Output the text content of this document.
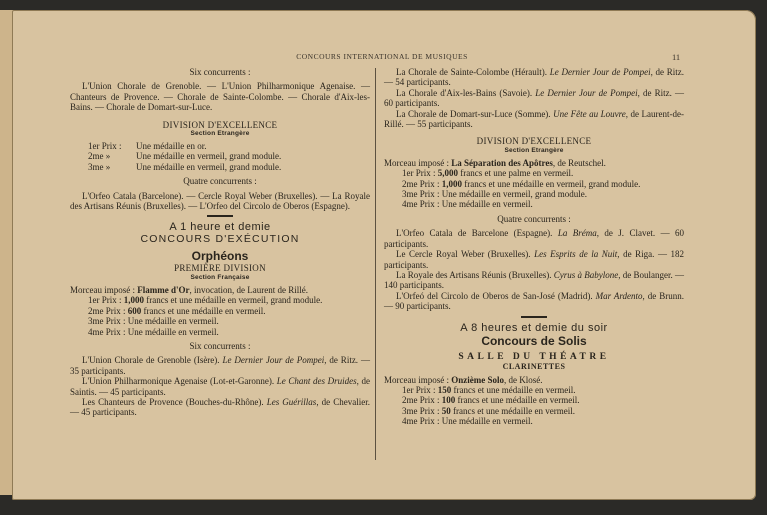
CONCOURS INTERNATIONAL DE MUSIQUES	11
Six concurrents :
L'Union Chorale de Grenoble. — L'Union Philharmonique Agenaise. — Chanteurs de Provence. — Chorale de Sainte-Colombe. — Chorale d'Aix-les-Bains. — Chorale de Domart-sur-Luce.
DIVISION D'EXCELLENCE
Section Etrangère
1er Prix : Une médaille en or.
2me »	Une médaille en vermeil, grand module.
3me »	Une médaille en vermeil, grand module.
Quatre concurrents :
L'Orfeo Catala (Barcelone). — Cercle Royal Weber (Bruxelles). — La Royale des Artisans Réunis (Bruxelles). — L'Orfeo del Circolo de Oberos (Espagne).
A 1 heure et demie
CONCOURS D'EXÉCUTION
Orphéons
PREMIÈRE DIVISION
Section Française
Morceau imposé : Flamme d'Or, invocation, de Laurent de Rillé.
1er Prix : 1,000 francs et une médaille en vermeil, grand module.
2me Prix : 600 francs et une médaille en vermeil.
3me Prix : Une médaille en vermeil.
4me Prix : Une médaille en vermeil.
Six concurrents :
L'Union Chorale de Grenoble (Isère). Le Dernier Jour de Pompei, de Ritz. — 35 participants.
L'Union Philharmonique Agenaise (Lot-et-Garonne). Le Chant des Druides, de Saintis. — 45 participants.
Les Chanteurs de Provence (Bouches-du-Rhône). Les Guérillas, de Chevalier. — 45 participants.
La Chorale de Sainte-Colombe (Hérault). Le Dernier Jour de Pompei, de Ritz. — 54 participants.
La Chorale d'Aix-les-Bains (Savoie). Le Dernier Jour de Pompei, de Ritz. — 60 participants.
La Chorale de Domart-sur-Luce (Somme). Une Fête au Louvre, de Laurent-de-Rillé. — 55 participants.
DIVISION D'EXCELLENCE
Section Etrangère
Morceau imposé : La Séparation des Apôtres, de Reutschel.
1er Prix : 5,000 francs et une palme en vermeil.
2me Prix : 1,000 francs et une médaille en vermeil, grand module.
3me Prix : Une médaille en vermeil, grand module.
4me Prix : Une médaille en vermeil.
Quatre concurrents :
L'Orfeo Catala de Barcelone (Espagne). La Bréma, de J. Clavet. — 60 participants.
Le Cercle Royal Weber (Bruxelles). Les Esprits de la Nuit, de Riga. — 182 participants.
La Royale des Artisans Réunis (Bruxelles). Cyrus à Babylone, de Boulanger. — 140 participants.
L'Orfeó del Circolo de Oberos de San-José (Madrid). Mar Ardento, de Brunn. — 90 participants.
A 8 heures et demie du soir
Concours de Solis
SALLE DU THÉATRE
CLARINETTES
Morceau imposé : Onzième Solo, de Klosé.
1er Prix : 150 francs et une médaille en vermeil.
2me Prix : 100 francs et une médaille en vermeil.
3me Prix : 50 francs et une médaille en vermeil.
4me Prix : Une médaille en vermeil.
